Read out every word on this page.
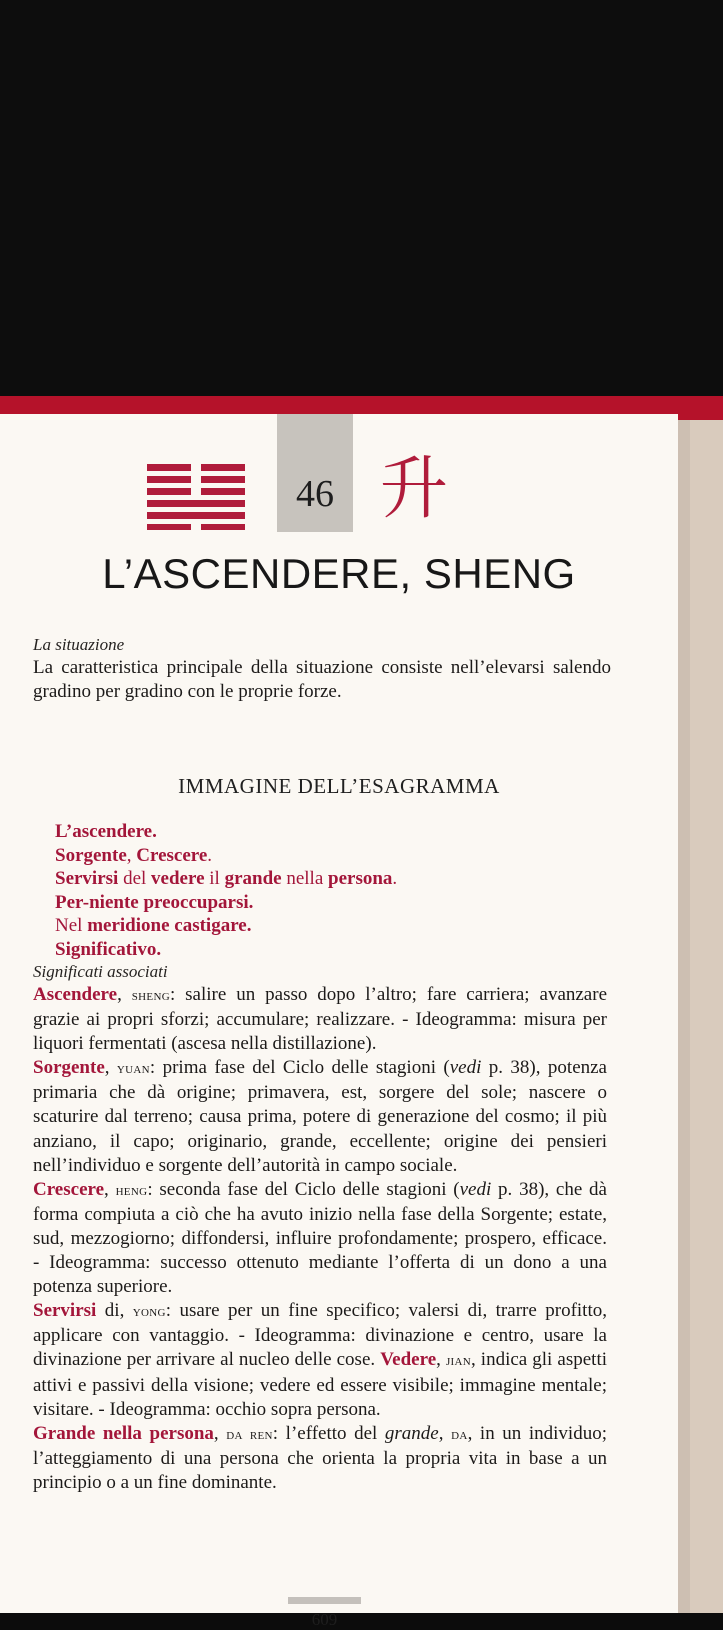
46 升
L’ASCENDERE, SHENG
La situazione

La caratteristica principale della situazione consiste nell’elevarsi salendo gradino per gradino con le proprie forze.

IMMAGINE DELL’ESAGRAMMA
L’ascendere.
Sorgente, Crescere.
Servirsi del vedere il grande nella persona.
Per-niente preoccuparsi.
Nel meridione castigare.
Significativo.
Significati associati

Ascendere, sheng: salire un passo dopo l’altro; fare carriera; avanzare grazie ai propri sforzi; accumulare; realizzare. - Ideogramma: misura per liquori fermentati (ascesa nella distillazione).

Sorgente, yuan: prima fase del Ciclo delle stagioni (vedi p. 38), potenza primaria che dà origine; primavera, est, sorgere del sole; nascere o scaturire dal terreno; causa prima, potere di generazione del cosmo; il più anziano, il capo; originario, grande, eccellente; origine dei pensieri nell’individuo e sorgente dell’autorità in campo sociale.

Crescere, heng: seconda fase del Ciclo delle stagioni (vedi p. 38), che dà forma compiuta a ciò che ha avuto inizio nella fase della Sorgente; estate, sud, mezzogiorno; diffondersi, influire profondamente; prospero, efficace. - Ideogramma: successo ottenuto mediante l’offerta di un dono a una potenza superiore.

Servirsi di, yong: usare per un fine specifico; valersi di, trarre profitto, applicare con vantaggio. - Ideogramma: divinazione e centro, usare la divinazione per arrivare al nucleo delle cose. Vedere, jian, indica gli aspetti attivi e passivi della visione; vedere ed essere visibile; immagine mentale; visitare. - Ideogramma: occhio sopra persona.

Grande nella persona, da ren: l’effetto del grande, da, in un individuo; l’atteggiamento di una persona che orienta la propria vita in base a un principio o a un fine dominante.

609
